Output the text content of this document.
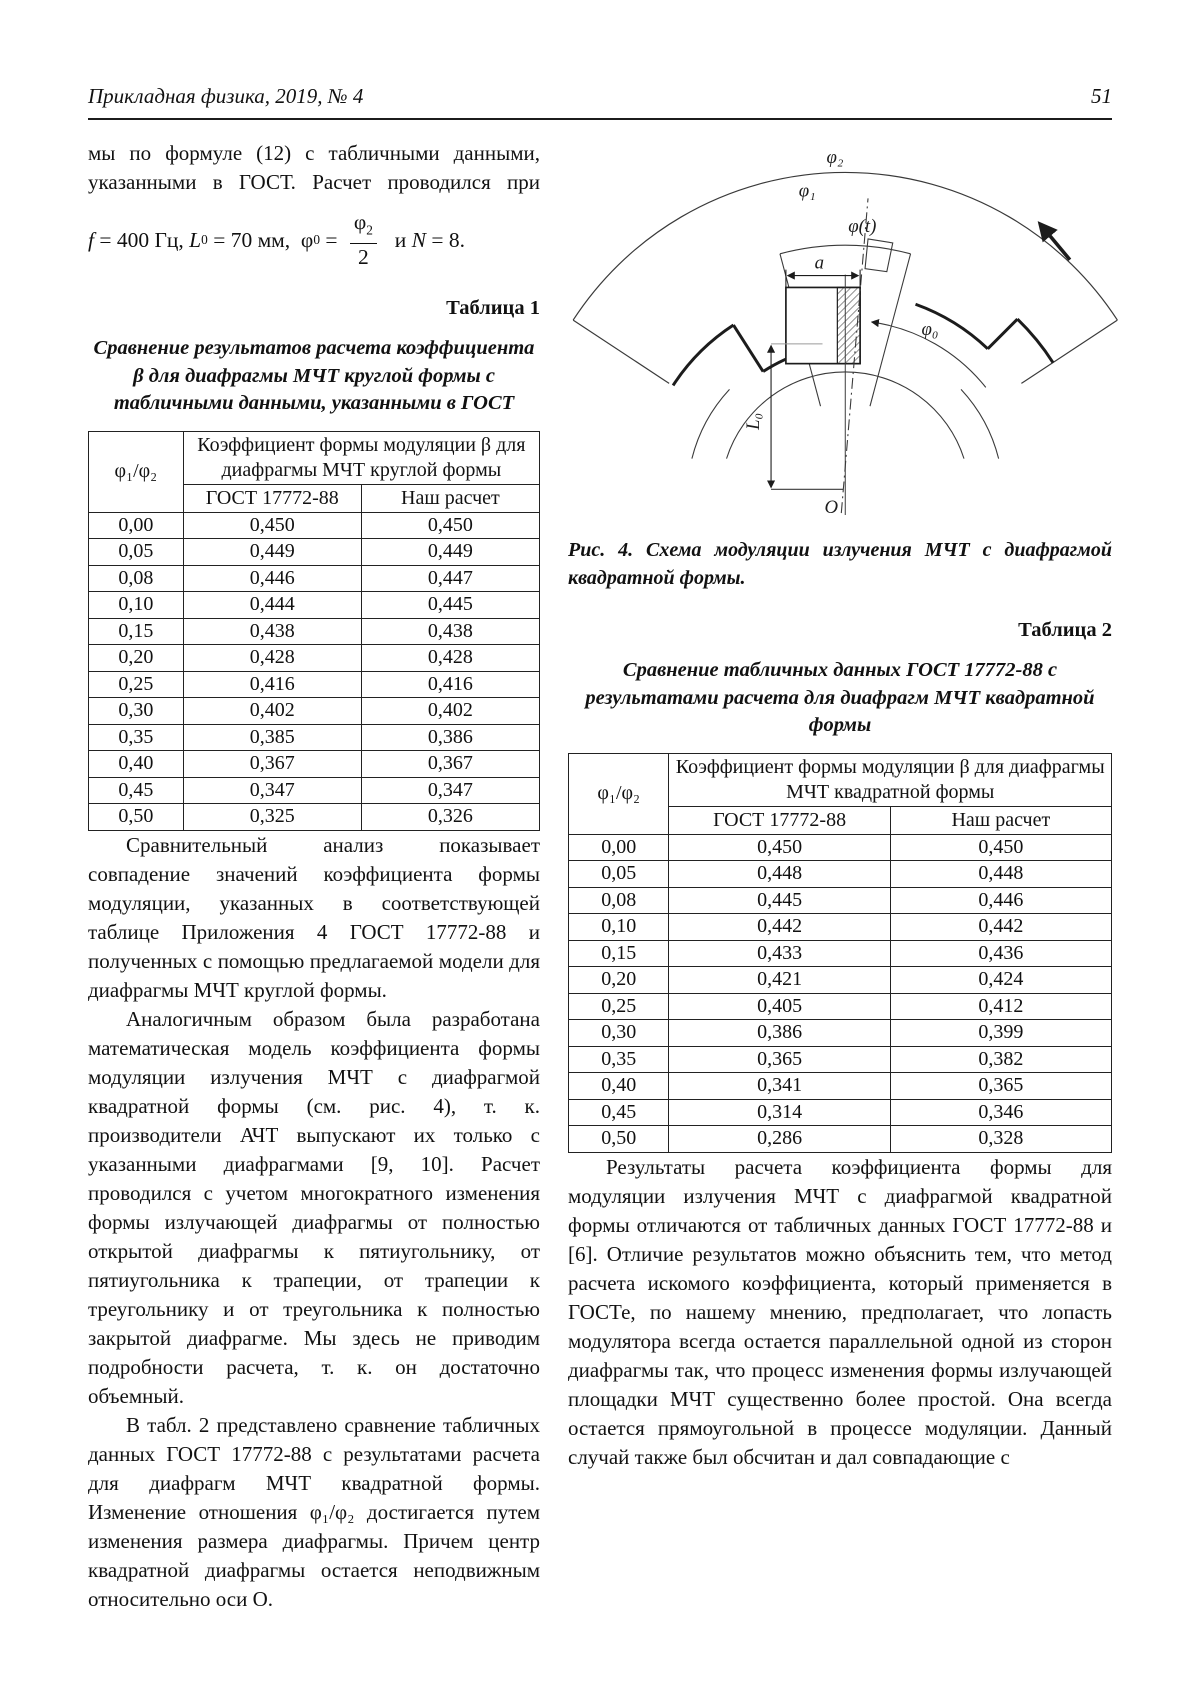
Прикладная физика, 2019, № 4	51

мы по формуле (12) с табличными данными, указанными в ГОСТ. Расчет проводился при

f = 400 Гц, L 0 = 70 мм,  φ $0 = \frac{\varphi_2}{2}$ и N = 8.
Таблица 1
Сравнение результатов расчета коэффициента β для диафрагмы МЧТ круглой формы с табличными данными, указанными в ГОСТ
φ₁/φ₂	Коэффициент формы модуляции β для диафрагмы МЧТ круглой формы	
	ГОСТ 17772-88	Наш расчет
0,00	0,450	0,450
0,05	0,449	0,449
0,08	0,446	0,447
0,10	0,444	0,445
0,15	0,438	0,438
0,20	0,428	0,428
0,25	0,416	0,416
0,30	0,402	0,402
0,35	0,385	0,386
0,40	0,367	0,367
0,45	0,347	0,347
0,50	0,325	0,326

Сравнительный анализ показывает совпадение значений коэффициента формы модуляции, указанных в соответствующей таблице Приложения 4 ГОСТ 17772-88 и полученных с помощью предлагаемой модели для диафрагмы МЧТ круглой формы.

Аналогичным образом была разработана математическая модель коэффициента формы модуляции излучения МЧТ с диафрагмой квадратной формы (см. рис. 4), т. к. производители АЧТ выпускают их только с указанными диафрагмами [9, 10]. Расчет проводился с учетом многократного изменения формы излучающей диафрагмы от полностью открытой диафрагмы к пятиугольнику, от пятиугольника к трапеции, от трапеции к треугольнику и от треугольника к полностью закрытой диафрагме. Мы здесь не приводим подробности расчета, т. к. он достаточно объемный.

В табл. 2 представлено сравнение табличных данных ГОСТ 17772-88 с результатами расчета для диафрагм МЧТ квадратной формы. Изменение отношения φ₁/φ₂ достигается путем изменения размера диафрагмы. Причем центр квадратной диафрагмы остается неподвижным относительно оси O.

φ₂
φ₁
φ(t)
a
φ₀
L₀
O

Рис. 4. Схема модуляции излучения МЧТ с диафрагмой квадратной формы.

Таблица 2
Сравнение табличных данных ГОСТ 17772-88 с результатами расчета для диафрагм МЧТ квадратной формы
φ₁/φ₂	Коэффициент формы модуляции β для диафрагмы МЧТ квадратной формы	
	ГОСТ 17772-88	Наш расчет
0,00	0,450	0,450
0,05	0,448	0,448
0,08	0,445	0,446
0,10	0,442	0,442
0,15	0,433	0,436
0,20	0,421	0,424
0,25	0,405	0,412
0,30	0,386	0,399
0,35	0,365	0,382
0,40	0,341	0,365
0,45	0,314	0,346
0,50	0,286	0,328

Результаты расчета коэффициента формы для модуляции излучения МЧТ с диафрагмой квадратной формы отличаются от табличных данных ГОСТ 17772-88 и [6]. Отличие результатов можно объяснить тем, что метод расчета искомого коэффициента, который применяется в ГОСТе, по нашему мнению, предполагает, что лопасть модулятора всегда остается параллельной одной из сторон диафрагмы так, что процесс изменения формы излучающей площадки МЧТ существенно более простой. Она всегда остается прямоугольной в процессе модуляции. Данный случай также был обсчитан и дал совпадающие с
